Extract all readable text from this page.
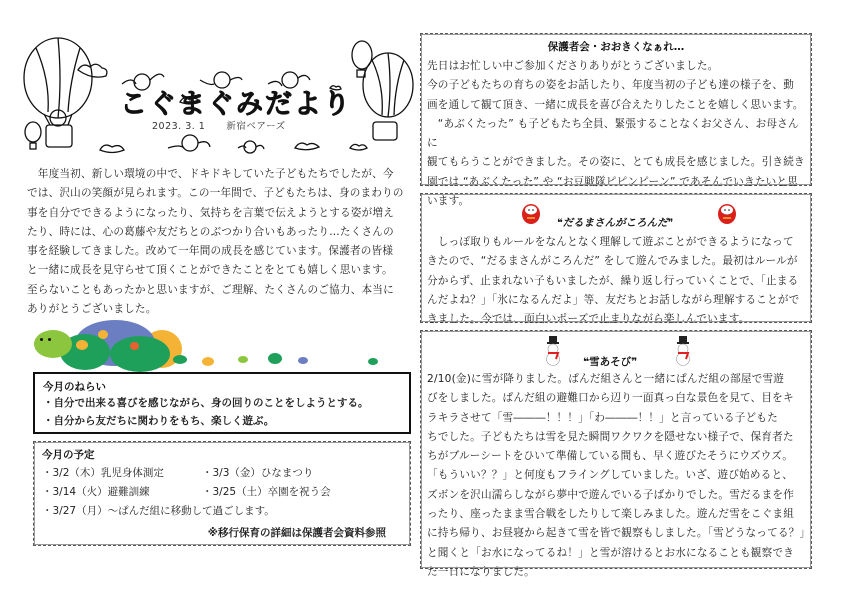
こぐまぐみだより
2023. 3. 1 新宿ベアーズ
　年度当初、新しい環境の中で、ドキドキしていた子どもたちでしたが、今
では、沢山の笑顔が見られます。この一年間で、子どもたちは、身のまわりの
事を自分でできるようになったり、気持ちを言葉で伝えようとする姿が増え
たり、時には、心の葛藤や友だちとのぶつかり合いもあったり…たくさんの
事を経験してきました。改めて一年間の成長を感じています。保護者の皆様
と一緒に成長を見守らせて頂くことができたことをとても嬉しく思います。
至らないこともあったかと思いますが、ご理解、たくさんのご協力、本当に
ありがとうございました。
今月のねらい
・自分で出来る喜びを感じながら、身の回りのことをしようとする。
・自分から友だちに関わりをもち、楽しく遊ぶ。
今月の予定
・3/2（木）乳児身体測定	・3/3（金）ひなまつり
・3/14（火）避難訓練	・3/25（土）卒園を祝う会
・3/27（月）～ぱんだ組に移動して過ごします。
※移行保育の詳細は保護者会資料参照
保護者会・おおきくなぁれ…
先日はお忙しい中ご参加くださりありがとうございました。
今の子どもたちの育ちの姿をお話したり、年度当初の子ども達の様子を、動
画を通して観て頂き、一緒に成長を喜び合えたりしたことを嬉しく思います。
　“あぶくたった” も子どもたち全員、緊張することなくお父さん、お母さんに
観てもらうことができました。その姿に、とても成長を感じました。引き続き
園では “あぶくたった” や “お豆戦隊ピピンピーン” であそんでいきたいと思
います。
❝だるまさんがころんだ❞
　しっぽ取りもルールをなんとなく理解して遊ぶことができるようになって
きたので、“だるまさんがころんだ” をして遊んでみました。最初はルールが
分からず、止まれない子もいましたが、繰り返し行っていくことで、「止まる
んだよね？」「氷になるんだよ」等、友だちとお話しながら理解することがで
きました。今では、面白いポーズで止まりながら楽しんでいます。
❝雪あそび❞
2/10(金)に雪が降りました。ぱんだ組さんと一緒にぱんだ組の部屋で雪遊
びをしました。ぱんだ組の避難口から辺り一面真っ白な景色を見て、目をキ
ラキラさせて「雪―――！！！」「わ―――！！」と言っている子どもた
ちでした。子どもたちは雪を見た瞬間ワクワクを隠せない様子で、保育者た
ちがブルーシートをひいて準備している間も、早く遊びたそうにウズウズ。
「もういい？？」と何度もフライングしていました。いざ、遊び始めると、
ズボンを沢山濡らしながら夢中で遊んでいる子ばかりでした。雪だるまを作
ったり、座ったまま雪合戦をしたりして楽しみました。遊んだ雪をこぐま組
に持ち帰り、お昼寝から起きて雪を皆で観察もしました。「雪どうなってる？」
と聞くと「お水になってるね！」と雪が溶けるとお水になることも観察でき
た一日になりました。
